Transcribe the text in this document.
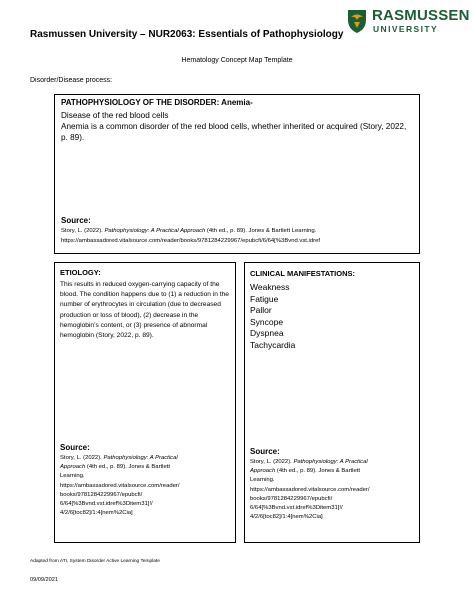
RASMUSSEN
UNIVERSITY
Rasmussen University – NUR2063: Essentials of Pathophysiology
Hematology Concept Map Template
Disorder/Disease process:
PATHOPHYSIOLOGY OF THE DISORDER: Anemia-
Disease of the red blood cells
Anemia is a common disorder of the red blood cells, whether inherited or acquired (Story, 2022, p. 89).
Source:
Story, L. (2022). Pathophysiology: A Practical Approach (4th ed., p. 89). Jones & Bartlett Learning.
https://ambassadored.vitalsource.com/reader/books/9781284229967/epubcfi/6/64[%3Bvnd.vst.idref
ETIOLOGY:
This results in reduced oxygen-carrying capacity of the blood. The condition happens due to (1) a reduction in the number of erythrocytes in circulation (due to decreased production or loss of blood), (2) decrease in the hemoglobin’s content, or (3) presence of abnormal hemoglobin (Story, 2022, p. 89).
Source:
Story, L. (2022). Pathophysiology: A Practical
Approach (4th ed., p. 89). Jones & Bartlett
Learning.
https://ambassadored.vitalsource.com/reader/
books/9781284229967/epubcfi/
6/64[%3Bvnd.vst.idref%3Ditem31]!/
4/2/6[toc82]/1:4[nem%2Cia]
CLINICAL MANIFESTATIONS:
Weakness
Fatigue
Pallor
Syncope
Dyspnea
Tachycardia
Source:
Story, L. (2022). Pathophysiology: A Practical
Approach (4th ed., p. 89). Jones & Bartlett
Learning.
https://ambassadored.vitalsource.com/reader/
books/9781284229967/epubcfi/
6/64[%3Bvnd.vst.idref%3Ditem31]!/
4/2/6[toc82]/1:4[nem%2Cia]
Adapted from ATI, System Disorder Active Learning Template
09/09/2021
